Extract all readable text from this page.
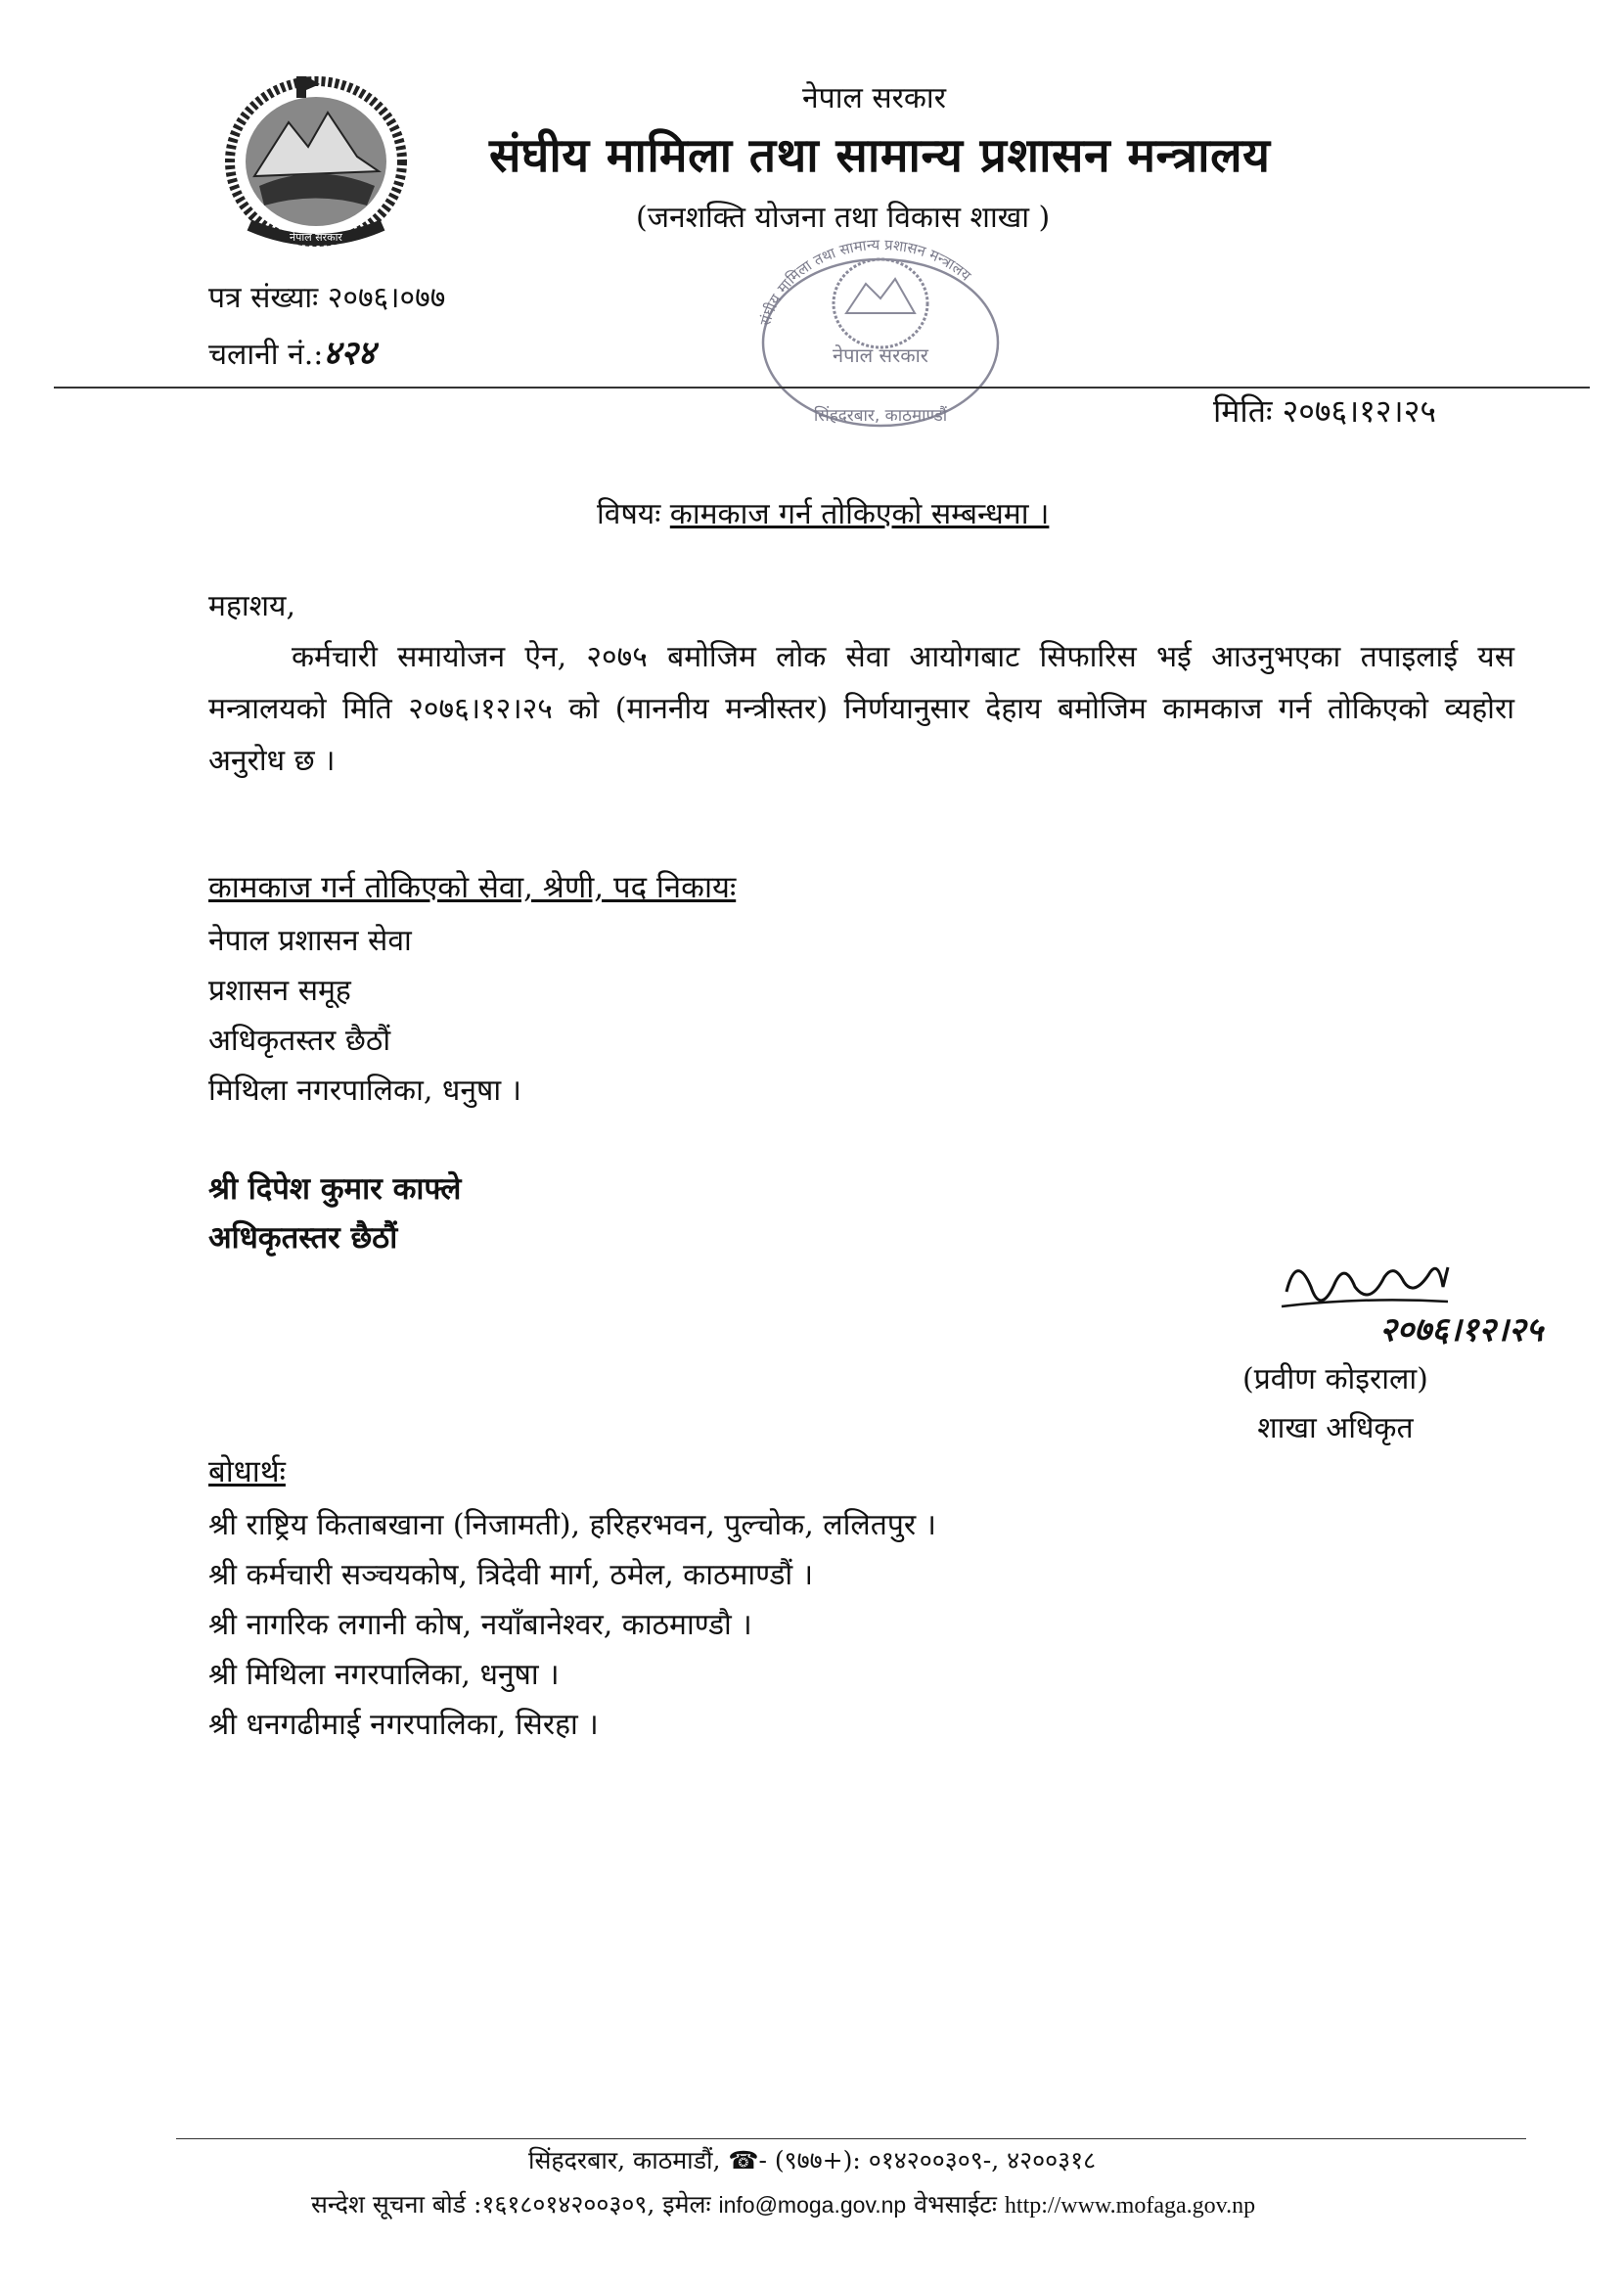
नेपाल सरकार
नेपाल सरकार
संघीय मामिला तथा सामान्य प्रशासन मन्त्रालय
(जनशक्ति योजना तथा विकास शाखा )
नेपाल सरकार
संघीय मामिला तथा सामान्य प्रशासन मन्त्रालय
सिंहदरबार, काठमाण्डौं
पत्र संख्याः २०७६।०७७
चलानी नं.:४२४
मितिः २०७६।१२।२५
विषयः कामकाज गर्न तोकिएको सम्बन्धमा ।
महाशय,
कर्मचारी समायोजन ऐन, २०७५ बमोजिम लोक सेवा आयोगबाट सिफारिस भई आउनुभएका तपाइलाई यस मन्त्रालयको मिति २०७६।१२।२५ को (माननीय मन्त्रीस्तर) निर्णयानुसार देहाय बमोजिम कामकाज गर्न तोकिएको व्यहोरा अनुरोध छ ।
कामकाज गर्न तोकिएको सेवा, श्रेणी, पद निकायः
नेपाल प्रशासन सेवा
प्रशासन समूह
अधिकृतस्तर छैठौं
मिथिला नगरपालिका, धनुषा ।
श्री दिपेश कुमार काफ्ले
अधिकृतस्तर छैठौं
२०७६।१२।२५
(प्रवीण कोइराला)
शाखा अधिकृत
बोधार्थः
श्री राष्ट्रिय किताबखाना (निजामती), हरिहरभवन, पुल्चोक, ललितपुर ।
श्री कर्मचारी सञ्चयकोष, त्रिदेवी मार्ग, ठमेल, काठमाण्डौं ।
श्री नागरिक लगानी कोष, नयाँबानेश्वर, काठमाण्डौ ।
श्री मिथिला नगरपालिका, धनुषा ।
श्री धनगढीमाई नगरपालिका, सिरहा ।
सिंहदरबार, काठमाडौं, ☎- (९७७+): ०१४२००३०९-, ४२००३१८
सन्देश सूचना बोर्ड :१६१८०१४२००३०९, इमेलः info@moga.gov.np वेभसाईटः http://www.mofaga.gov.np
